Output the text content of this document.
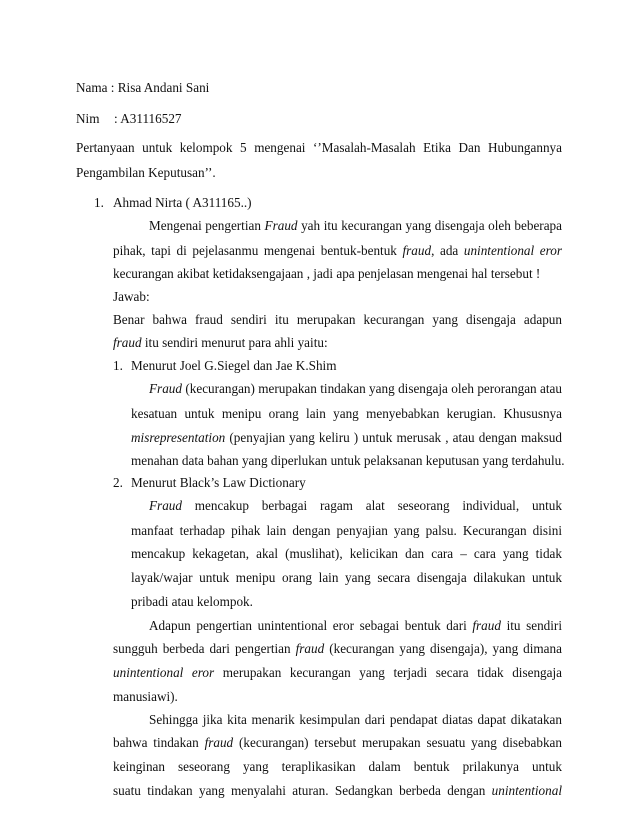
Nama : Risa Andani Sani
Nim : A31116527
Pertanyaan untuk kelompok 5 mengenai ‘’Masalah-Masalah Etika Dan Hubungannya
Pengambilan Keputusan’’.
1. Ahmad Nirta ( A311165..)
Mengenai pengertian Fraud yah itu kecurangan yang disengaja oleh beberapa
pihak, tapi di pejelasanmu mengenai bentuk-bentuk fraud, ada unintentional eror
kecurangan akibat ketidaksengajaan , jadi apa penjelasan mengenai hal tersebut !
Jawab:
Benar bahwa fraud sendiri itu merupakan kecurangan yang disengaja adapun
fraud itu sendiri menurut para ahli yaitu:
1. Menurut Joel G.Siegel dan Jae K.Shim
Fraud (kecurangan) merupakan tindakan yang disengaja oleh perorangan atau
kesatuan untuk menipu orang lain yang menyebabkan kerugian. Khususnya
misrepresentation (penyajian yang keliru ) untuk merusak , atau dengan maksud
menahan data bahan yang diperlukan untuk pelaksanan keputusan yang terdahulu.
2. Menurut Black’s Law Dictionary
Fraud mencakup berbagai ragam alat seseorang individual, untuk
manfaat terhadap pihak lain dengan penyajian yang palsu. Kecurangan disini
mencakup kekagetan, akal (muslihat), kelicikan dan cara – cara yang tidak
layak/wajar untuk menipu orang lain yang secara disengaja dilakukan untuk
pribadi atau kelompok.
Adapun pengertian unintentional eror sebagai bentuk dari fraud itu sendiri
sungguh berbeda dari pengertian fraud (kecurangan yang disengaja), yang dimana
unintentional eror merupakan kecurangan yang terjadi secara tidak disengaja
manusiawi).
Sehingga jika kita menarik kesimpulan dari pendapat diatas dapat dikatakan
bahwa tindakan fraud (kecurangan) tersebut merupakan sesuatu yang disebabkan
keinginan seseorang yang teraplikasikan dalam bentuk prilakunya untuk
suatu tindakan yang menyalahi aturan. Sedangkan berbeda dengan unintentional
